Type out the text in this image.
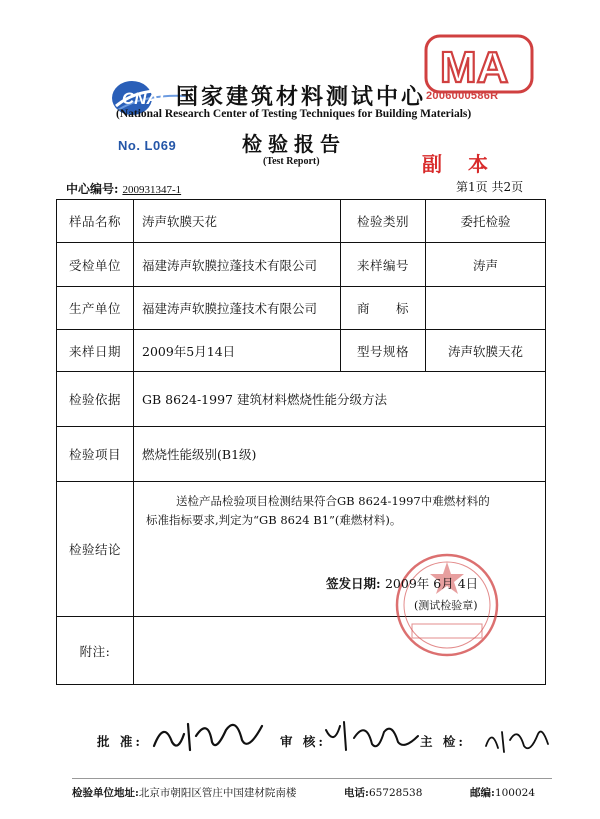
CNAL
No. L069
MA
2006000586R
国家建筑材料测试中心
(National Research Center of Testing Techniques for Building Materials)
检验报告
(Test Report)	副本
中心编号: 200931347-1	第1页 共2页
样品名称	涛声软膜天花	检验类别	委托检验
受检单位	福建涛声软膜拉蓬技术有限公司	来样编号	涛声
生产单位	福建涛声软膜拉蓬技术有限公司	商　　标	
来样日期	2009年5月14日	型号规格	涛声软膜天花
检验依据	GB 8624-1997 建筑材料燃烧性能分级方法		
检验项目	燃烧性能级别(B1级)		
检验结论	送检产品检验项目检测结果符合GB 8624-1997中难燃材料的
标准指标要求,判定为“GB 8624 B1”(难燃材料)。
签发日期: 2009年 6月 4日
(测试检验章)		

附注:			
批 准:	审 核:	主 检:
检验单位地址:北京市朝阳区管庄中国建材院南楼	电话:65728538	邮编:100024
